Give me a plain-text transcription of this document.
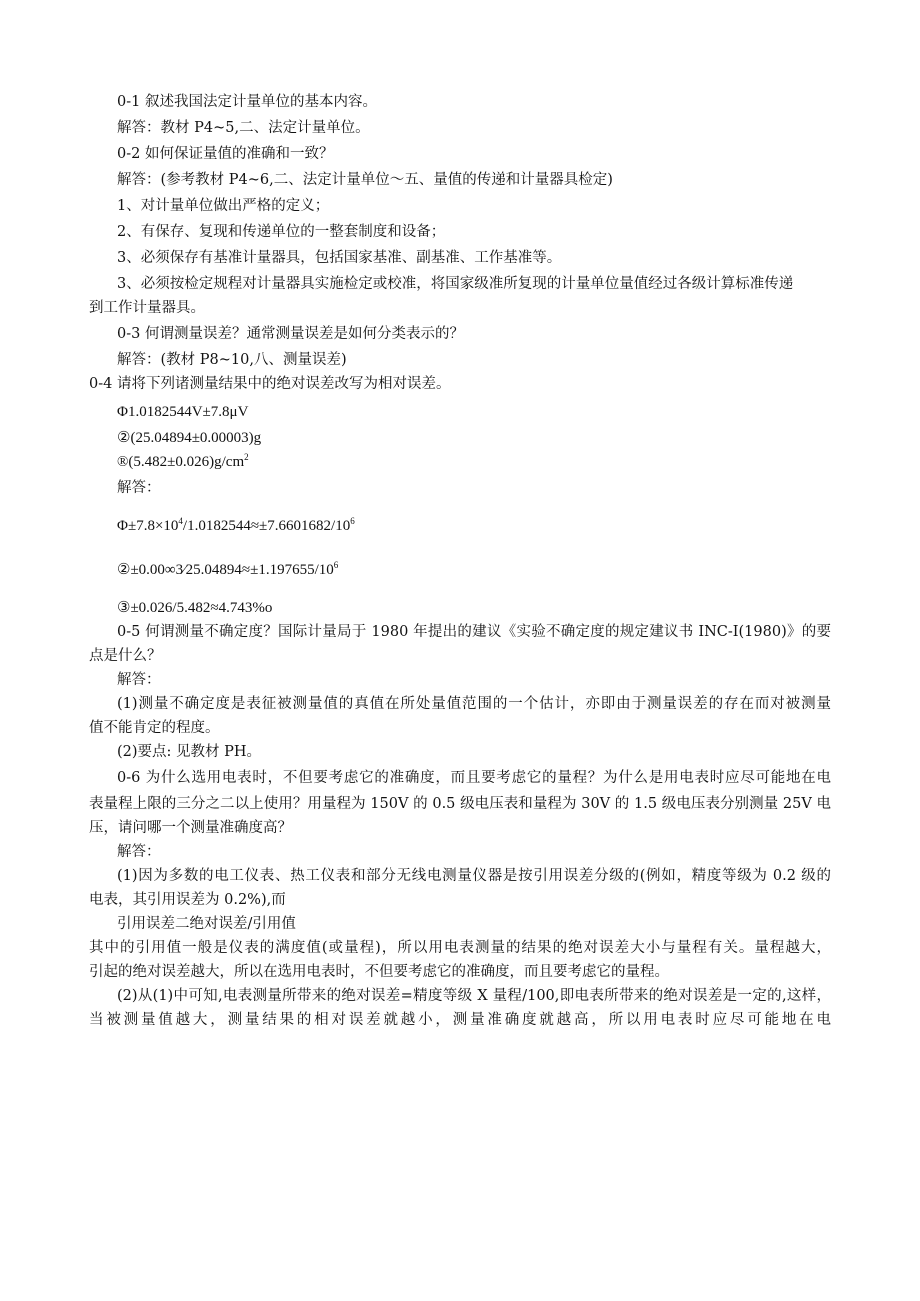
0-1 叙述我国法定计量单位的基本内容。
解答：教材 P4~5,二、法定计量单位。
0-2 如何保证量值的准确和一致？
解答：(参考教材 P4~6,二、法定计量单位～五、量值的传递和计量器具检定)
1、对计量单位做出严格的定义；
2、有保存、复现和传递单位的一整套制度和设备；
3、必须保存有基准计量器具，包括国家基准、副基准、工作基准等。
3、必须按检定规程对计量器具实施检定或校准，将国家级准所复现的计量单位量值经过各级计算标准传递
到工作计量器具。
0-3 何谓测量误差？通常测量误差是如何分类表示的？
解答：(教材 P8~10,八、测量误差)
0-4 请将下列诸测量结果中的绝对误差改写为相对误差。
Φ1.0182544V±7.8μV
②(25.04894±0.00003)g
$®(5.482\pm 0.026)g/cm^2$
解答：
$\Phi\pm 7.8\times 10^4/1.0182544\approx\pm 7.6601682/10^6$
$②\pm 0.00\infty 3⁄25.04894\approx\pm 1.197655/10^6$
③±0.026/5.482≈4.743%o
0-5 何谓测量不确定度？国际计量局于 1980 年提出的建议《实验不确定度的规定建议书 INC-I(1980)》的要
点是什么？
解答：
(1)测量不确定度是表征被测量值的真值在所处量值范围的一个估计，亦即由于测量误差的存在而对被测量
值不能肯定的程度。
(2)要点: 见教材 PH。
0-6 为什么选用电表时，不但要考虑它的准确度，而且要考虑它的量程？为什么是用电表时应尽可能地在电
表量程上限的三分之二以上使用？用量程为 150V 的 0.5 级电压表和量程为 30V 的 1.5 级电压表分别测量 25V 电
压，请问哪一个测量准确度高？
解答：
(1)因为多数的电工仪表、热工仪表和部分无线电测量仪器是按引用误差分级的(例如，精度等级为 0.2 级的
电表，其引用误差为 0.2%),而
引用误差二绝对误差/引用值
其中的引用值一般是仪表的满度值(或量程)，所以用电表测量的结果的绝对误差大小与量程有关。量程越大，
引起的绝对误差越大，所以在选用电表时，不但要考虑它的准确度，而且要考虑它的量程。
(2)从(1)中可知,电表测量所带来的绝对误差=精度等级 X 量程/100,即电表所带来的绝对误差是一定的,这样，
当被测量值越大，测量结果的相对误差就越小，测量准确度就越高，所以用电表时应尽可能地在电
